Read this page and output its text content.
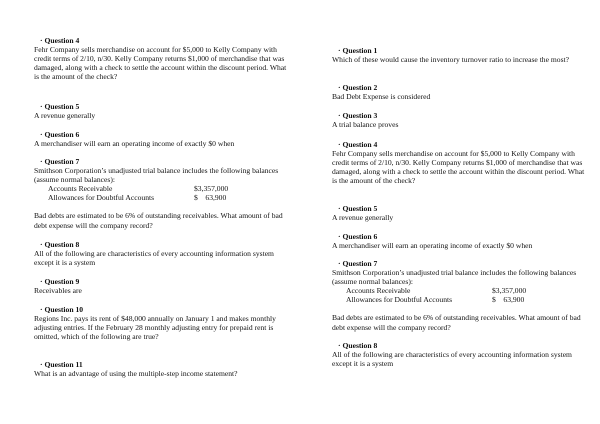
· Question 4
Fehr Company sells merchandise on account for $5,000 to Kelly Company with credit terms of 2/10, n/30. Kelly Company returns $1,000 of merchandise that was damaged, along with a check to settle the account within the discount period. What is the amount of the check?
· Question 5
A revenue generally
· Question 6
A merchandiser will earn an operating income of exactly $0 when
· Question 7
Smithson Corporation’s unadjusted trial balance includes the following balances (assume normal balances):
Accounts Receivable	$3,357,000
Allowances for Doubtful Accounts	$    63,900
Bad debts are estimated to be 6% of outstanding receivables. What amount of bad debt expense will the company record?
· Question 8
All of the following are characteristics of every accounting information system except it is a system
· Question 9
Receivables are
· Question 10
Regions Inc. pays its rent of $48,000 annually on January 1 and makes monthly adjusting entries. If the February 28 monthly adjusting entry for prepaid rent is omitted, which of the following are true?
· Question 11
What is an advantage of using the multiple-step income statement?
· Question 1
Which of these would cause the inventory turnover ratio to increase the most?
· Question 2
Bad Debt Expense is considered
· Question 3
A trial balance proves
· Question 4
Fehr Company sells merchandise on account for $5,000 to Kelly Company with credit terms of 2/10, n/30. Kelly Company returns $1,000 of merchandise that was damaged, along with a check to settle the account within the discount period. What is the amount of the check?
· Question 5
A revenue generally
· Question 6
A merchandiser will earn an operating income of exactly $0 when
· Question 7
Smithson Corporation’s unadjusted trial balance includes the following balances (assume normal balances):
Accounts Receivable	$3,357,000
Allowances for Doubtful Accounts	$    63,900
Bad debts are estimated to be 6% of outstanding receivables. What amount of bad debt expense will the company record?
· Question 8
All of the following are characteristics of every accounting information system except it is a system
